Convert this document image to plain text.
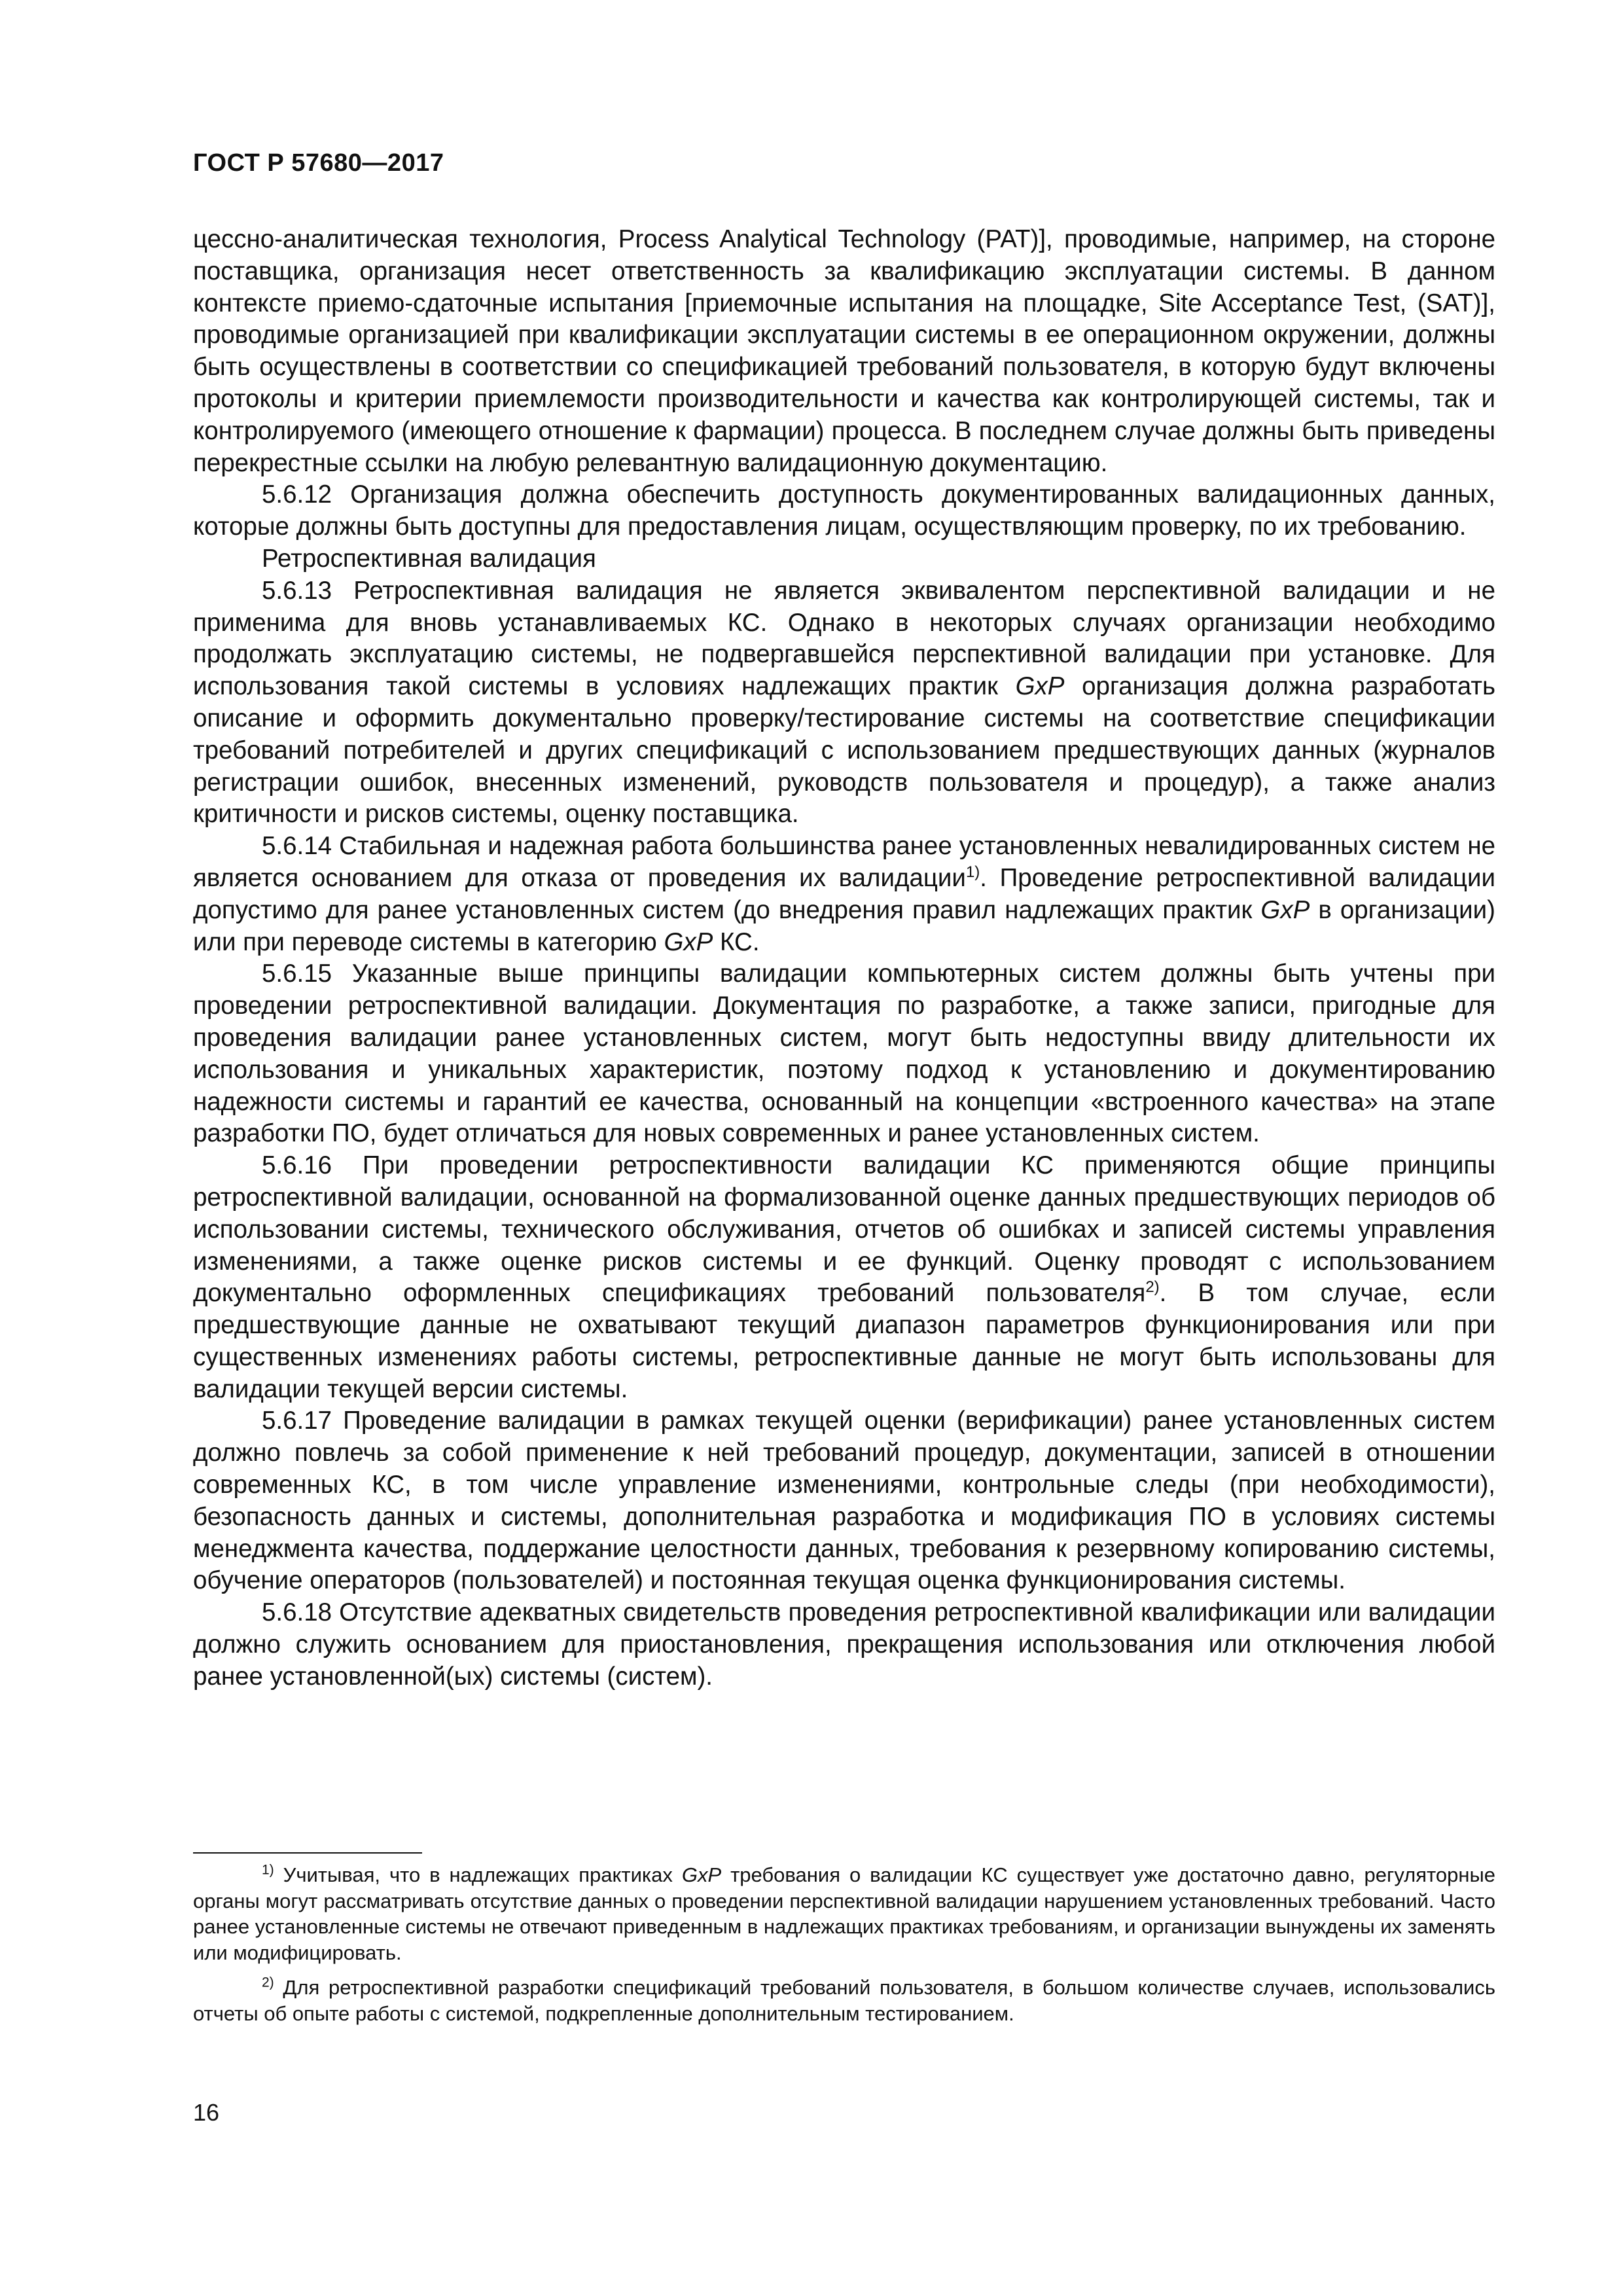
ГОСТ Р 57680—2017

цессно-аналитическая технология, Process Analytical Technology (PAT)], проводимые, например, на стороне поставщика, организация несет ответственность за квалификацию эксплуатации системы. В данном контексте приемо-сдаточные испытания [приемочные испытания на площадке, Site Acceptance Test, (SAT)], проводимые организацией при квалификации эксплуатации системы в ее операционном окружении, должны быть осуществлены в соответствии со спецификацией требований пользователя, в которую будут включены протоколы и критерии приемлемости производительности и качества как контролирующей системы, так и контролируемого (имеющего отношение к фармации) процесса. В последнем случае должны быть приведены перекрестные ссылки на любую релевантную валидационную документацию.

5.6.12 Организация должна обеспечить доступность документированных валидационных данных, которые должны быть доступны для предоставления лицам, осуществляющим проверку, по их требованию.

Ретроспективная валидация

5.6.13 Ретроспективная валидация не является эквивалентом перспективной валидации и не применима для вновь устанавливаемых КС. Однако в некоторых случаях организации необходимо продолжать эксплуатацию системы, не подвергавшейся перспективной валидации при установке. Для использования такой системы в условиях надлежащих практик GxP организация должна разработать описание и оформить документально проверку/тестирование системы на соответствие спецификации требований потребителей и других спецификаций с использованием предшествующих данных (журналов регистрации ошибок, внесенных изменений, руководств пользователя и процедур), а также анализ критичности и рисков системы, оценку поставщика.

5.6.14 Стабильная и надежная работа большинства ранее установленных невалидированных систем не является основанием для отказа от проведения их валидации$^{1)}$. Проведение ретроспективной валидации допустимо для ранее установленных систем (до внедрения правил надлежащих практик GxP в организации) или при переводе системы в категорию GxP КС.

5.6.15 Указанные выше принципы валидации компьютерных систем должны быть учтены при проведении ретроспективной валидации. Документация по разработке, а также записи, пригодные для проведения валидации ранее установленных систем, могут быть недоступны ввиду длительности их использования и уникальных характеристик, поэтому подход к установлению и документированию надежности системы и гарантий ее качества, основанный на концепции «встроенного качества» на этапе разработки ПО, будет отличаться для новых современных и ранее установленных систем.

5.6.16 При проведении ретроспективности валидации КС применяются общие принципы ретроспективной валидации, основанной на формализованной оценке данных предшествующих периодов об использовании системы, технического обслуживания, отчетов об ошибках и записей системы управления изменениями, а также оценке рисков системы и ее функций. Оценку проводят с использованием документально оформленных спецификациях требований пользователя$^{2)}$. В том случае, если предшествующие данные не охватывают текущий диапазон параметров функционирования или при существенных изменениях работы системы, ретроспективные данные не могут быть использованы для валидации текущей версии системы.

5.6.17 Проведение валидации в рамках текущей оценки (верификации) ранее установленных систем должно повлечь за собой применение к ней требований процедур, документации, записей в отношении современных КС, в том числе управление изменениями, контрольные следы (при необходимости), безопасность данных и системы, дополнительная разработка и модификация ПО в условиях системы менеджмента качества, поддержание целостности данных, требования к резервному копированию системы, обучение операторов (пользователей) и постоянная текущая оценка функционирования системы.

5.6.18 Отсутствие адекватных свидетельств проведения ретроспективной квалификации или валидации должно служить основанием для приостановления, прекращения использования или отключения любой ранее установленной(ых) системы (систем).

$^{1)}$ Учитывая, что в надлежащих практиках GxP требования о валидации КС существует уже достаточно давно, регуляторные органы могут рассматривать отсутствие данных о проведении перспективной валидации нарушением установленных требований. Часто ранее установленные системы не отвечают приведенным в надлежащих практиках требованиям, и организации вынуждены их заменять или модифицировать.

$^{2)}$ Для ретроспективной разработки спецификаций требований пользователя, в большом количестве случаев, использовались отчеты об опыте работы с системой, подкрепленные дополнительным тестированием.

16
